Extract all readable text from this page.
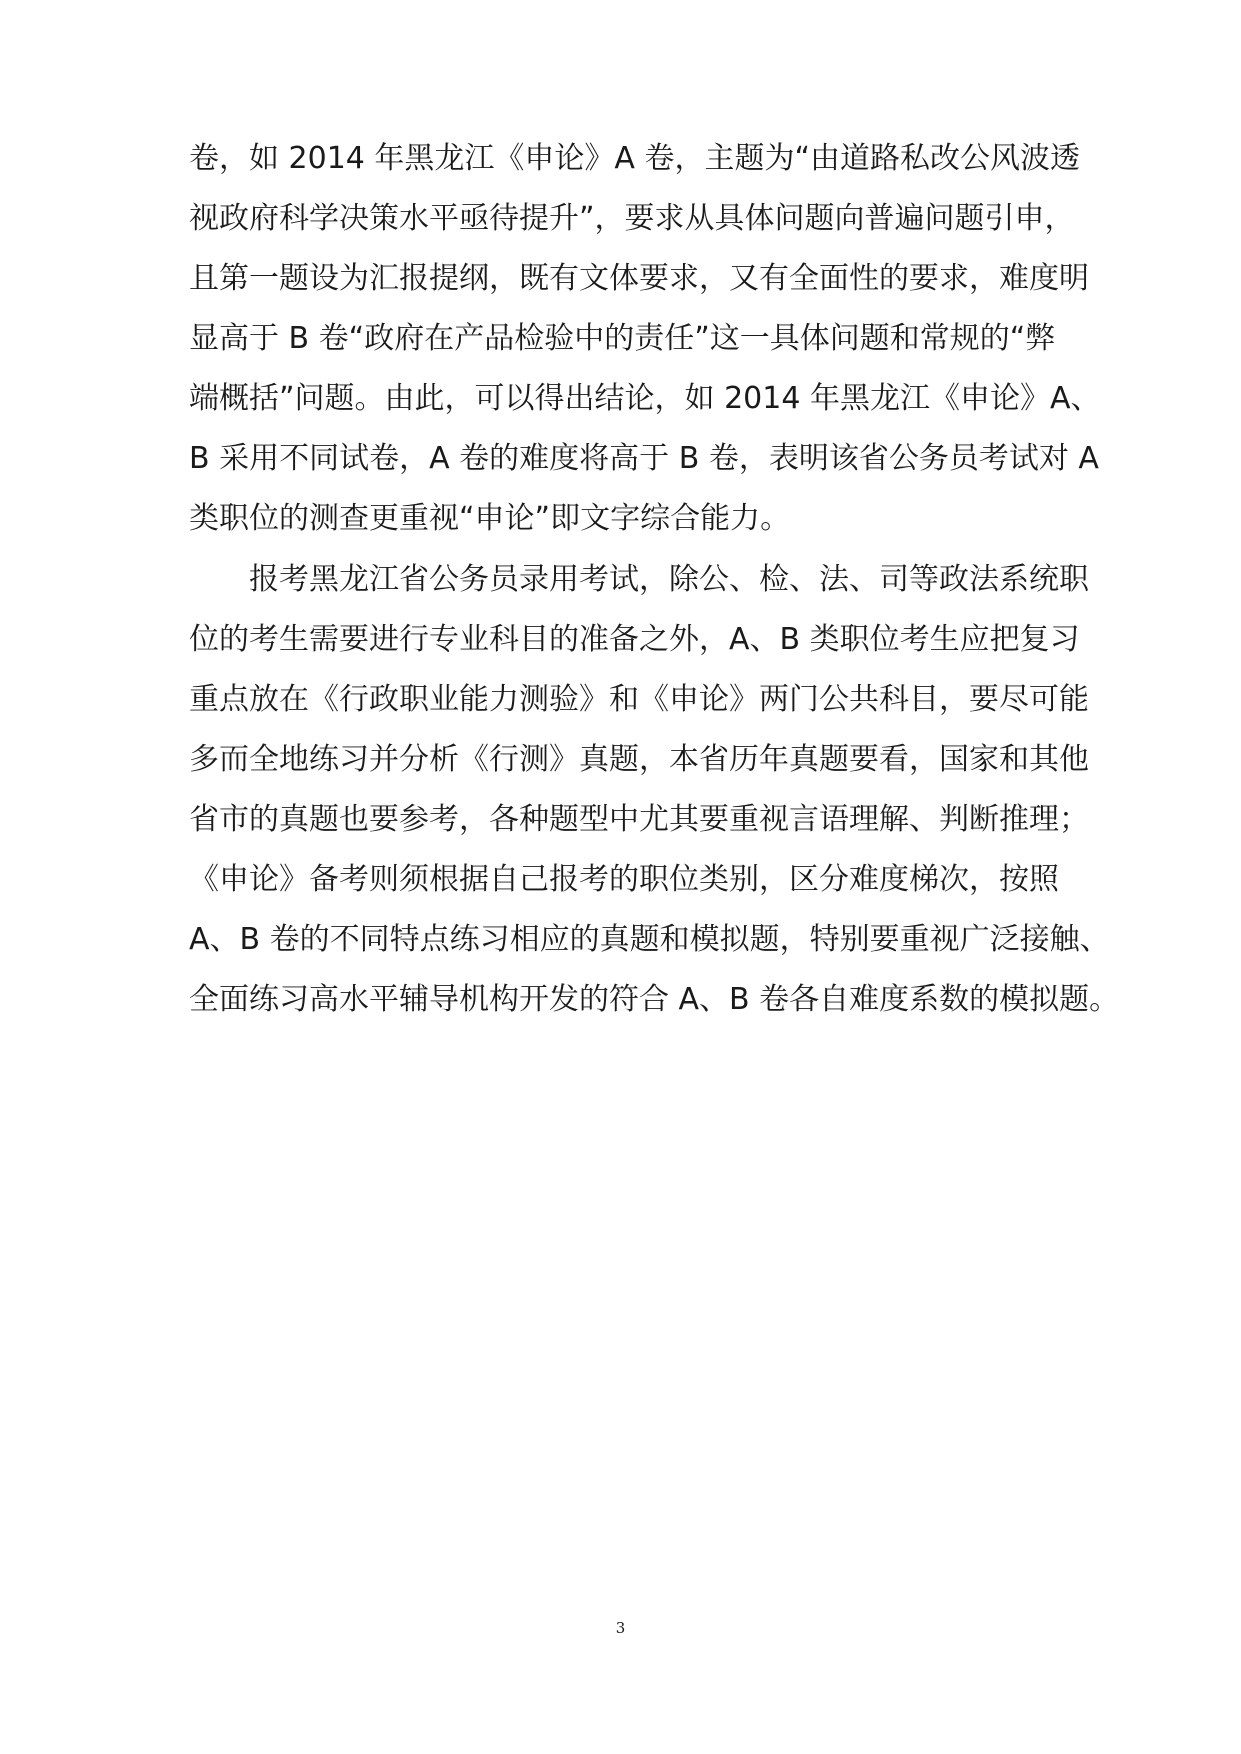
卷，如 2014 年黑龙江《申论》A 卷，主题为“由道路私改公风波透
视政府科学决策水平亟待提升”，要求从具体问题向普遍问题引申，
且第一题设为汇报提纲，既有文体要求，又有全面性的要求，难度明
显高于 B 卷“政府在产品检验中的责任”这一具体问题和常规的“弊
端概括”问题。由此，可以得出结论，如 2014 年黑龙江《申论》A、
B 采用不同试卷，A 卷的难度将高于 B 卷，表明该省公务员考试对 A
类职位的测查更重视“申论”即文字综合能力。
报考黑龙江省公务员录用考试，除公、检、法、司等政法系统职
位的考生需要进行专业科目的准备之外，A、B 类职位考生应把复习
重点放在《行政职业能力测验》和《申论》两门公共科目，要尽可能
多而全地练习并分析《行测》真题，本省历年真题要看，国家和其他
省市的真题也要参考，各种题型中尤其要重视言语理解、判断推理；
《申论》备考则须根据自己报考的职位类别，区分难度梯次，按照
A、B 卷的不同特点练习相应的真题和模拟题，特别要重视广泛接触、
全面练习高水平辅导机构开发的符合 A、B 卷各自难度系数的模拟题。
3
